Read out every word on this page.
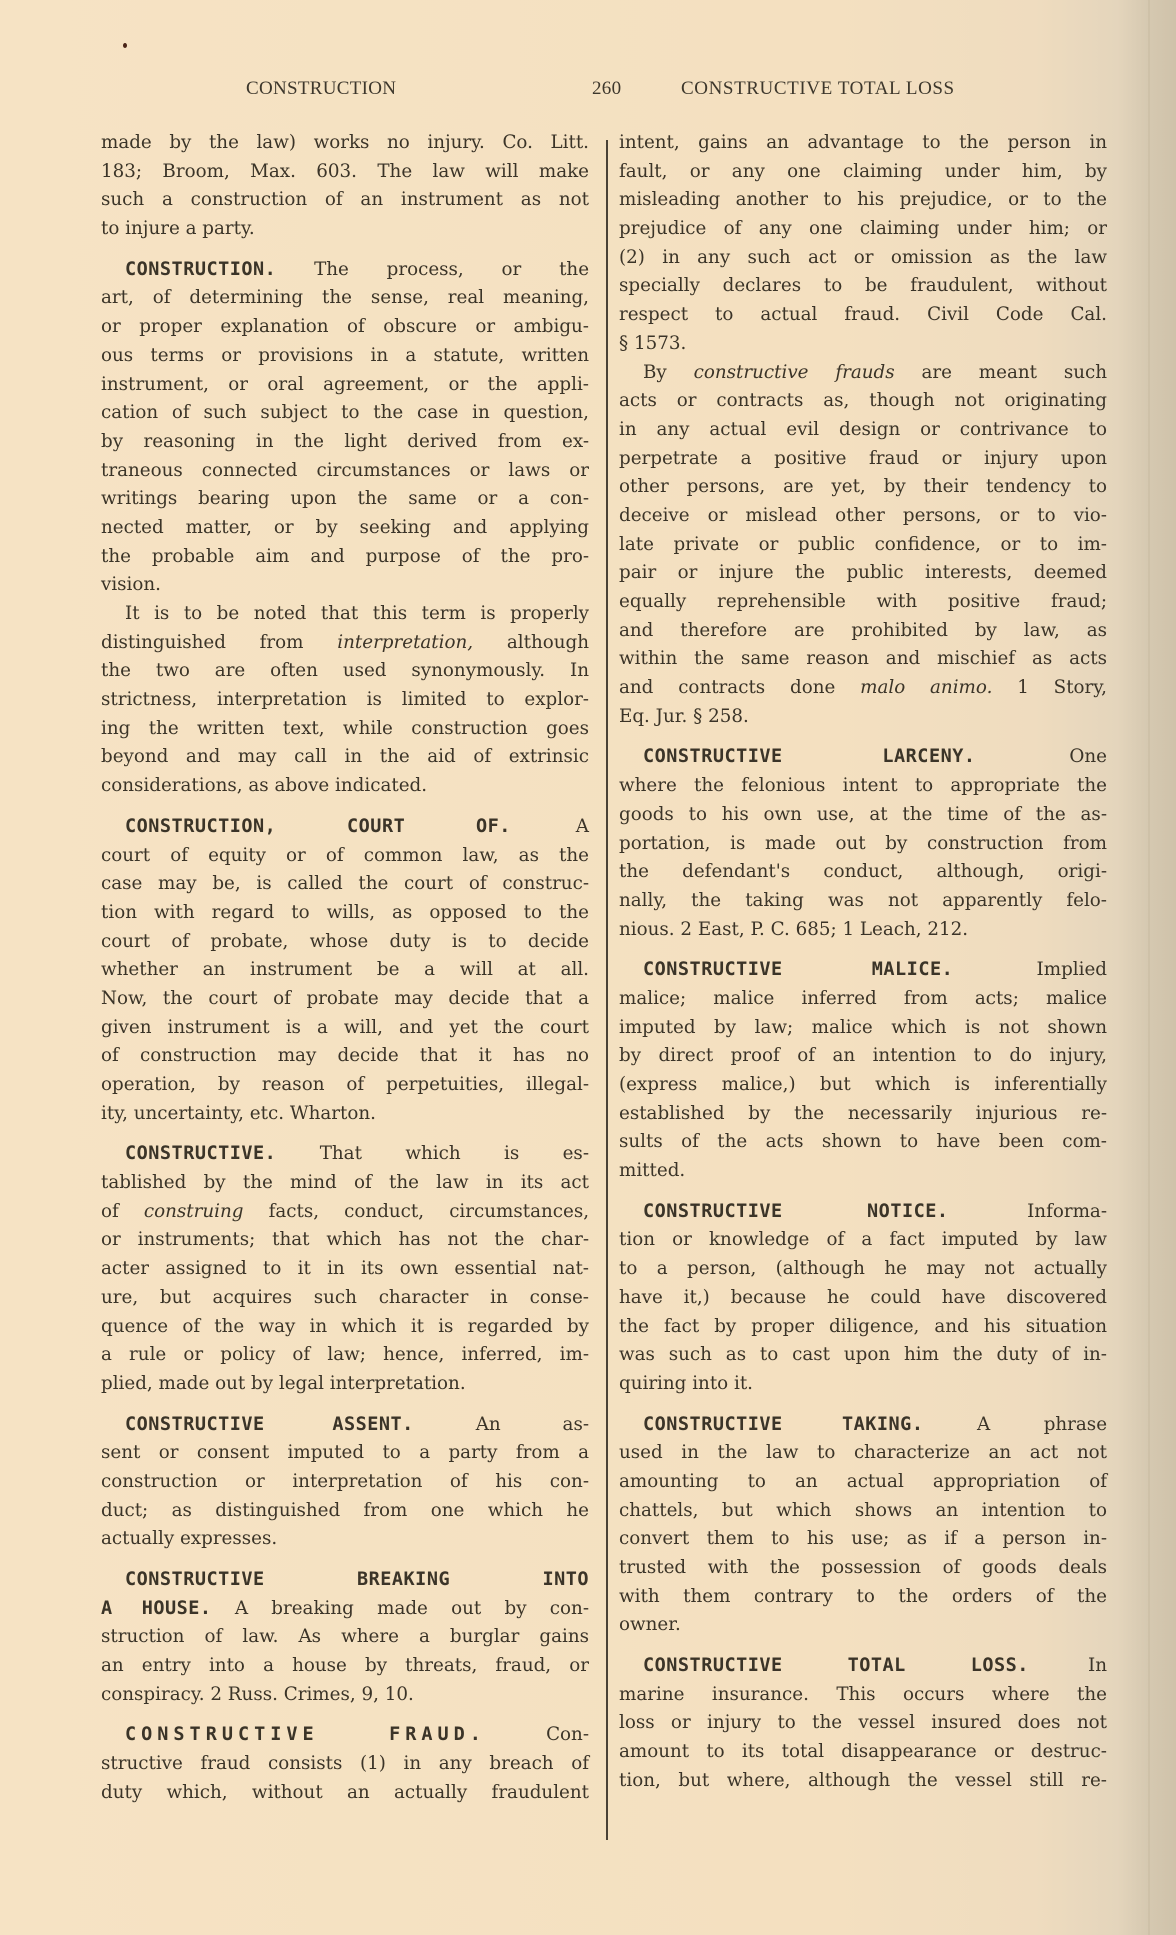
CONSTRUCTION	260	CONSTRUCTIVE TOTAL LOSS
made by the law) works no injury. Co. Litt.
183; Broom, Max. 603. The law will make
such a construction of an instrument as not
to injure a party.
CONSTRUCTION. The process, or the
art, of determining the sense, real meaning,
or proper explanation of obscure or ambigu-
ous terms or provisions in a statute, written
instrument, or oral agreement, or the appli-
cation of such subject to the case in question,
by reasoning in the light derived from ex-
traneous connected circumstances or laws or
writings bearing upon the same or a con-
nected matter, or by seeking and applying
the probable aim and purpose of the pro-
vision.
It is to be noted that this term is properly
distinguished from interpretation, although
the two are often used synonymously. In
strictness, interpretation is limited to explor-
ing the written text, while construction goes
beyond and may call in the aid of extrinsic
considerations, as above indicated.
CONSTRUCTION, COURT OF.	A
court of equity or of common law, as the
case may be, is called the court of construc-
tion with regard to wills, as opposed to the
court of probate, whose duty is to decide
whether an instrument be a will at all.
Now, the court of probate may decide that a
given instrument is a will, and yet the court
of construction may decide that it has no
operation, by reason of perpetuities, illegal-
ity, uncertainty, etc. Wharton.
CONSTRUCTIVE. That which is es-
tablished by the mind of the law in its act
of construing facts, conduct, circumstances,
or instruments; that which has not the char-
acter assigned to it in its own essential nat-
ure, but acquires such character in conse-
quence of the way in which it is regarded by
a rule or policy of law; hence, inferred, im-
plied, made out by legal interpretation.
CONSTRUCTIVE ASSENT.	An as-
sent or consent imputed to a party from a
construction or interpretation of his con-
duct; as distinguished from one which he
actually expresses.
CONSTRUCTIVE BREAKING INTO
A HOUSE. A breaking made out by con-
struction of law. As where a burglar gains
an entry into a house by threats, fraud, or
conspiracy. 2 Russ. Crimes, 9, 10.
CONSTRUCTIVE FRAUD.	Con-
structive fraud consists (1) in any breach of
duty which, without an actually fraudulent
intent, gains an advantage to the person in
fault, or any one claiming under him, by
misleading another to his prejudice, or to the
prejudice of any one claiming under him; or
(2) in any such act or omission as the law
specially declares to be fraudulent, without
respect to actual fraud. Civil Code Cal.
§ 1573.
By constructive frauds are meant such
acts or contracts as, though not originating
in any actual evil design or contrivance to
perpetrate a positive fraud or injury upon
other persons, are yet, by their tendency to
deceive or mislead other persons, or to vio-
late private or public confidence, or to im-
pair or injure the public interests, deemed
equally reprehensible with positive fraud;
and therefore are prohibited by law, as
within the same reason and mischief as acts
and contracts done malo animo. 1 Story,
Eq. Jur. § 258.
CONSTRUCTIVE LARCENY.	One
where the felonious intent to appropriate the
goods to his own use, at the time of the as-
portation, is made out by construction from
the defendant's conduct, although, origi-
nally, the taking was not apparently felo-
nious. 2 East, P. C. 685; 1 Leach, 212.
CONSTRUCTIVE MALICE.	Implied
malice; malice inferred from acts; malice
imputed by law; malice which is not shown
by direct proof of an intention to do injury,
(express malice,) but which is inferentially
established by the necessarily injurious re-
sults of the acts shown to have been com-
mitted.
CONSTRUCTIVE NOTICE.	Informa-
tion or knowledge of a fact imputed by law
to a person, (although he may not actually
have it,) because he could have discovered
the fact by proper diligence, and his situation
was such as to cast upon him the duty of in-
quiring into it.
CONSTRUCTIVE TAKING.	A phrase
used in the law to characterize an act not
amounting to an actual appropriation of
chattels, but which shows an intention to
convert them to his use; as if a person in-
trusted with the possession of goods deals
with them contrary to the orders of the
owner.
CONSTRUCTIVE TOTAL LOSS.	In
marine insurance. This occurs where the
loss or injury to the vessel insured does not
amount to its total disappearance or destruc-
tion, but where, although the vessel still re-
